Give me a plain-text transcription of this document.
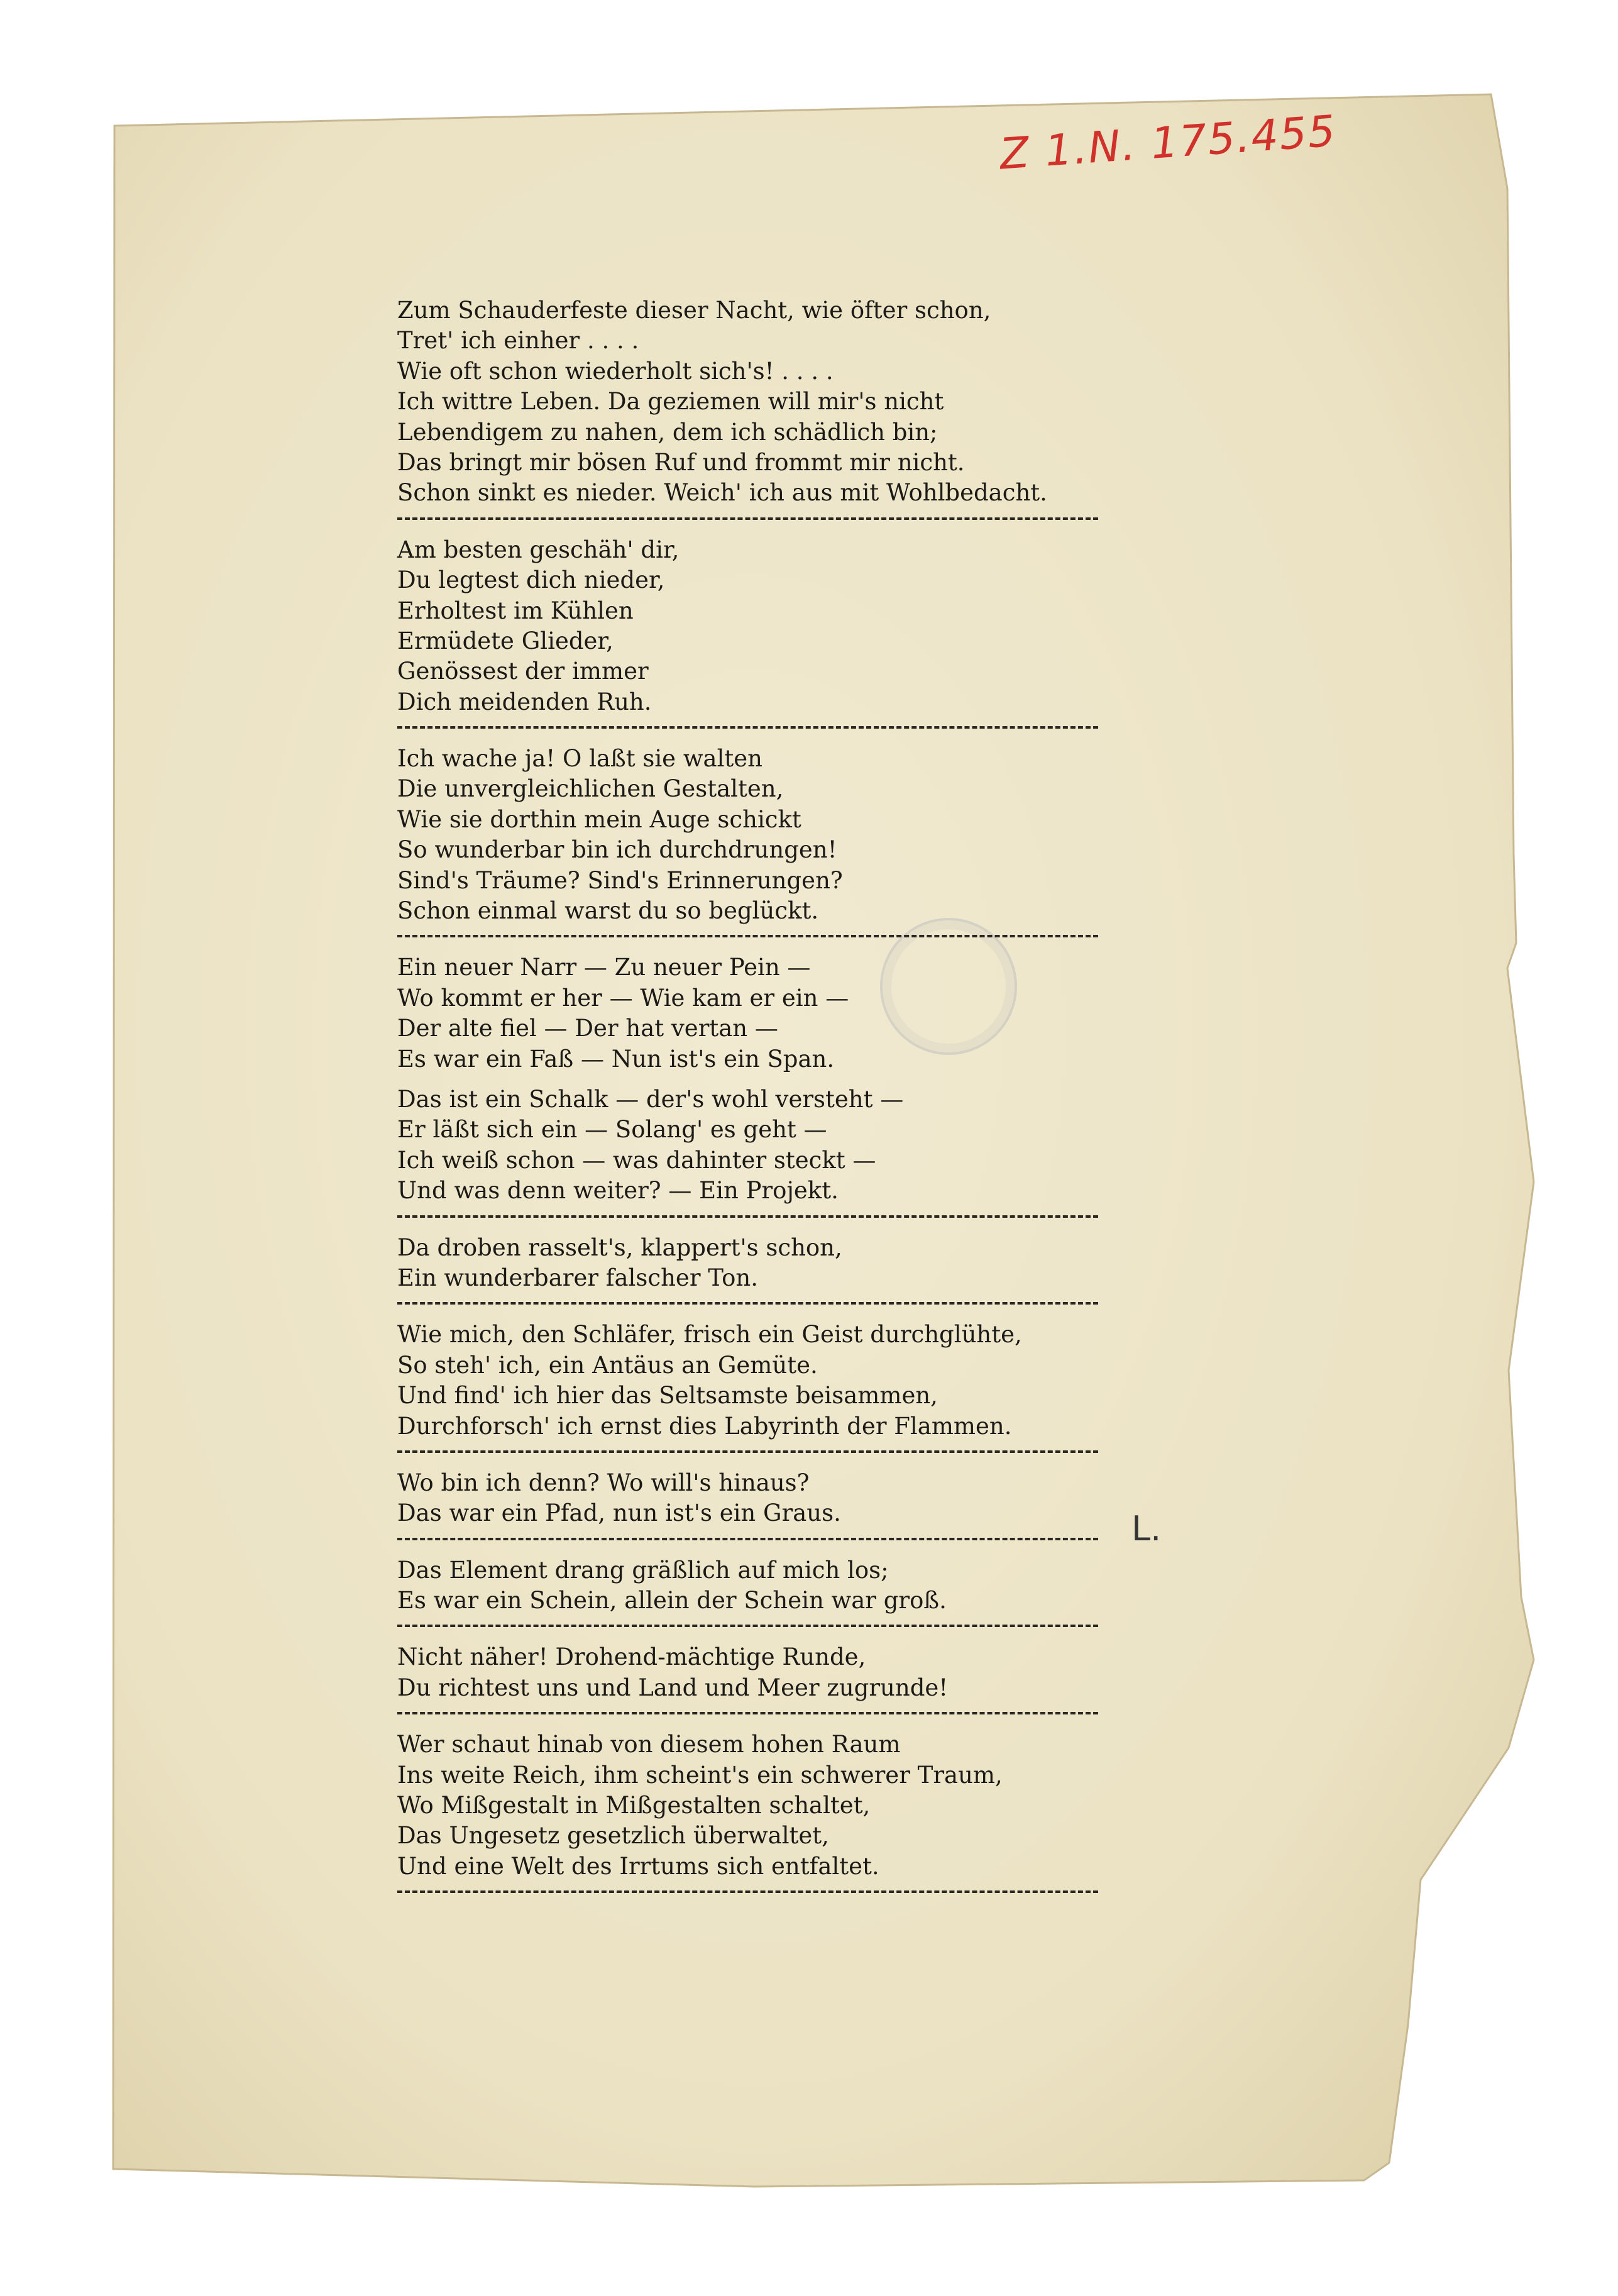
Z 1.N. 175.455
L.
Zum Schauderfeste dieser Nacht, wie öfter schon,
Tret' ich einher . . . .
Wie oft schon wiederholt sich's! . . . .
Ich wittre Leben. Da geziemen will mir's nicht
Lebendigem zu nahen, dem ich schädlich bin;
Das bringt mir bösen Ruf und frommt mir nicht.
Schon sinkt es nieder. Weich' ich aus mit Wohlbedacht.
Am besten geschäh' dir,
Du legtest dich nieder,
Erholtest im Kühlen
Ermüdete Glieder,
Genössest der immer
Dich meidenden Ruh.
Ich wache ja! O laßt sie walten
Die unvergleichlichen Gestalten,
Wie sie dorthin mein Auge schickt
So wunderbar bin ich durchdrungen!
Sind's Träume? Sind's Erinnerungen?
Schon einmal warst du so beglückt.
Ein neuer Narr — Zu neuer Pein —
Wo kommt er her — Wie kam er ein —
Der alte fiel — Der hat vertan —
Es war ein Faß — Nun ist's ein Span.
Das ist ein Schalk — der's wohl versteht —
Er läßt sich ein — Solang' es geht —
Ich weiß schon — was dahinter steckt —
Und was denn weiter? — Ein Projekt.
Da droben rasselt's, klappert's schon,
Ein wunderbarer falscher Ton.
Wie mich, den Schläfer, frisch ein Geist durchglühte,
So steh' ich, ein Antäus an Gemüte.
Und find' ich hier das Seltsamste beisammen,
Durchforsch' ich ernst dies Labyrinth der Flammen.
Wo bin ich denn? Wo will's hinaus?
Das war ein Pfad, nun ist's ein Graus.
Das Element drang gräßlich auf mich los;
Es war ein Schein, allein der Schein war groß.
Nicht näher! Drohend-mächtige Runde,
Du richtest uns und Land und Meer zugrunde!
Wer schaut hinab von diesem hohen Raum
Ins weite Reich, ihm scheint's ein schwerer Traum,
Wo Mißgestalt in Mißgestalten schaltet,
Das Ungesetz gesetzlich überwaltet,
Und eine Welt des Irrtums sich entfaltet.
